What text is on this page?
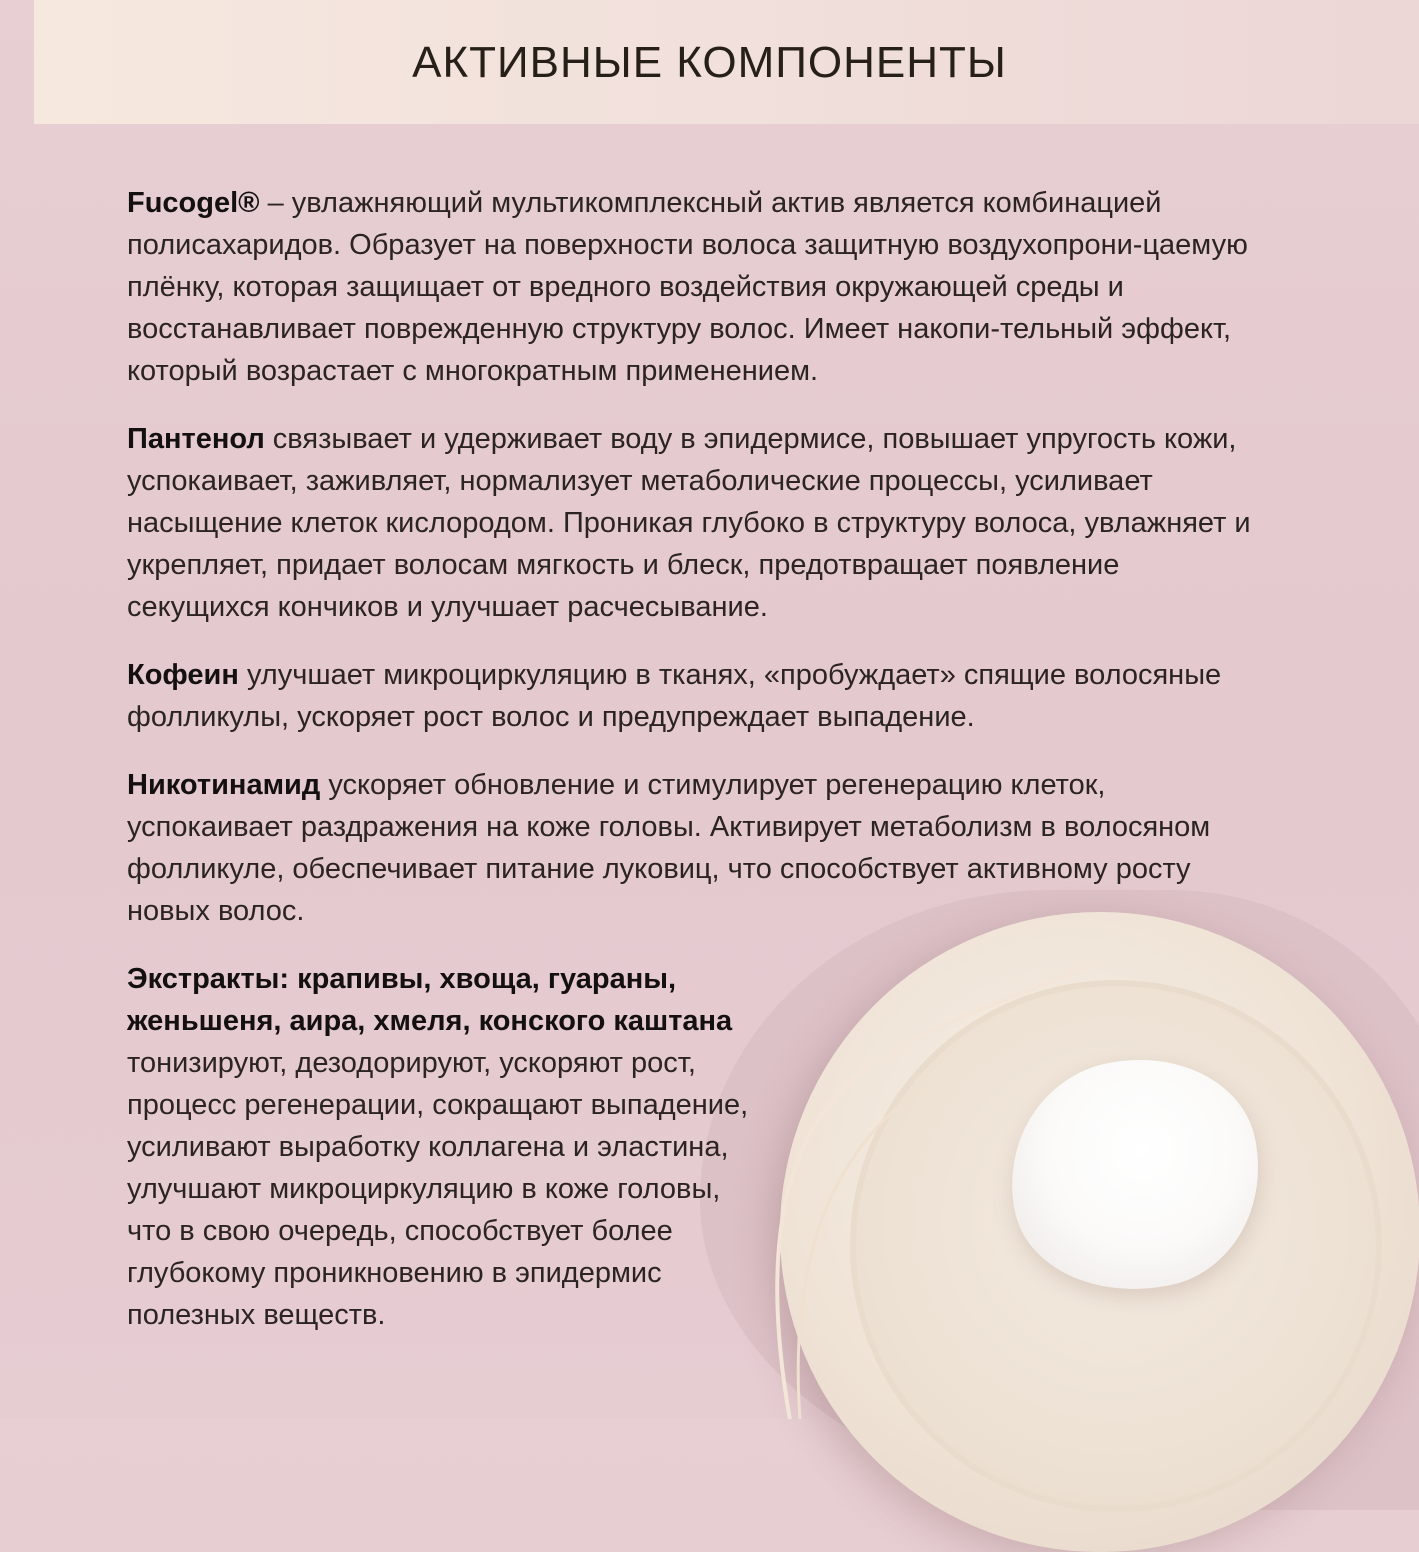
АКТИВНЫЕ КОМПОНЕНТЫ

Fucogel® – увлажняющий мультикомплексный актив является комбинацией полисахаридов. Образует на поверхности волоса защитную воздухопрони-цаемую плёнку, которая защищает от вредного воздействия окружающей среды и восстанавливает поврежденную структуру волос. Имеет накопи-тельный эффект, который возрастает с многократным применением.

Пантенол связывает и удерживает воду в эпидермисе, повышает упругость кожи, успокаивает, заживляет, нормализует метаболические процессы, усиливает насыщение клеток кислородом. Проникая глубоко в структуру волоса, увлажняет и укрепляет, придает волосам мягкость и блеск, предотвращает появление секущихся кончиков и улучшает расчесывание.

Кофеин улучшает микроциркуляцию в тканях, «пробуждает» спящие волосяные фолликулы, ускоряет рост волос и предупреждает выпадение.

Никотинамид ускоряет обновление и стимулирует регенерацию клеток, успокаивает раздражения на коже головы. Активирует метаболизм в волосяном фолликуле, обеспечивает питание луковиц, что способствует активному росту новых волос.

Экстракты: крапивы, хвоща, гуараны, женьшеня, аира, хмеля, конского каштана тонизируют, дезодорируют, ускоряют рост, процесс регенерации, сокращают выпадение, усиливают выработку коллагена и эластина, улучшают микроциркуляцию в коже головы, что в свою очередь, способствует более глубокому проникновению в эпидермис полезных веществ.
